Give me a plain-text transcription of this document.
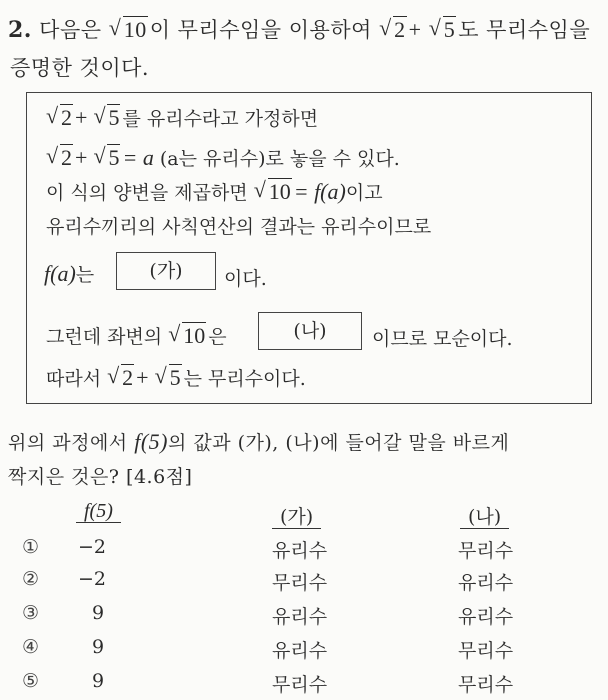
2. 다음은 √ 10 이 무리수임을 이용하여 √ 2 + √ 5 도 무리수임을
증명한 것이다.
√ 2 + √ 5 를 유리수라고 가정하면
√ 2 + √ 5 = a (a는 유리수)로 놓을 수 있다.
이 식의 양변을 제곱하면 √ 10 = f(a)이고
유리수끼리의 사칙연산의 결과는 유리수이므로
f(a)는	(가)	이다.
그런데 좌변의 √ 10 은	(나)	이므로 모순이다.
따라서 √ 2 + √ 5 는 무리수이다.
위의 과정에서 f(5)의 값과 (가), (나)에 들어갈 말을 바르게
짝지은 것은? [4.6점]
f(5)	(가)	(나)
① −2	유리수	무리수
② −2	무리수	유리수
③	9	유리수	유리수
④	9	유리수	무리수
⑤	9	무리수	무리수
